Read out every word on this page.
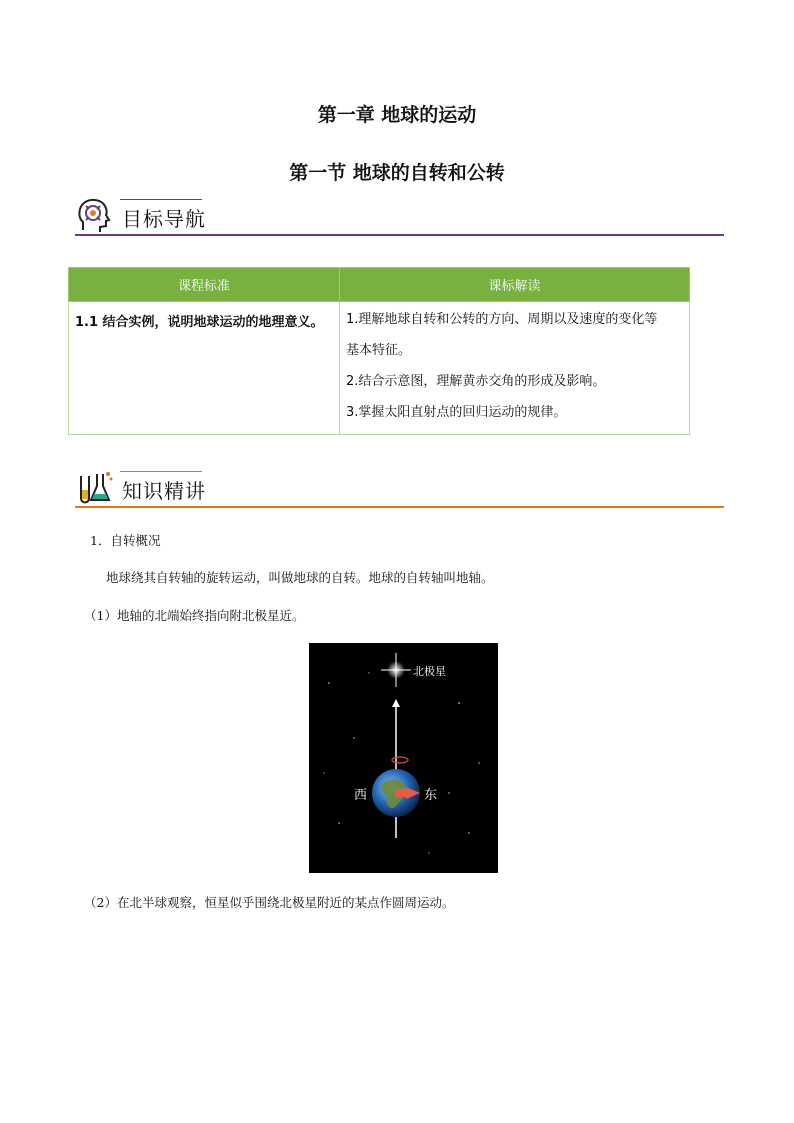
第一章 地球的运动
第一节 地球的自转和公转
目标导航
课程标准	课标解读
1.1 结合实例，说明地球运动的地理意义。	1.理解地球自转和公转的方向、周期以及速度的变化等
基本特征。
2.结合示意图，理解黄赤交角的形成及影响。
3.掌握太阳直射点的回归运动的规律。
知识精讲
1．自转概况
地球绕其自转轴的旋转运动，叫做地球的自转。地球的自转轴叫地轴。
（1）地轴的北端始终指向附北极星近。
北极星
西	东
（2）在北半球观察，恒星似乎围绕北极星附近的某点作圆周运动。
